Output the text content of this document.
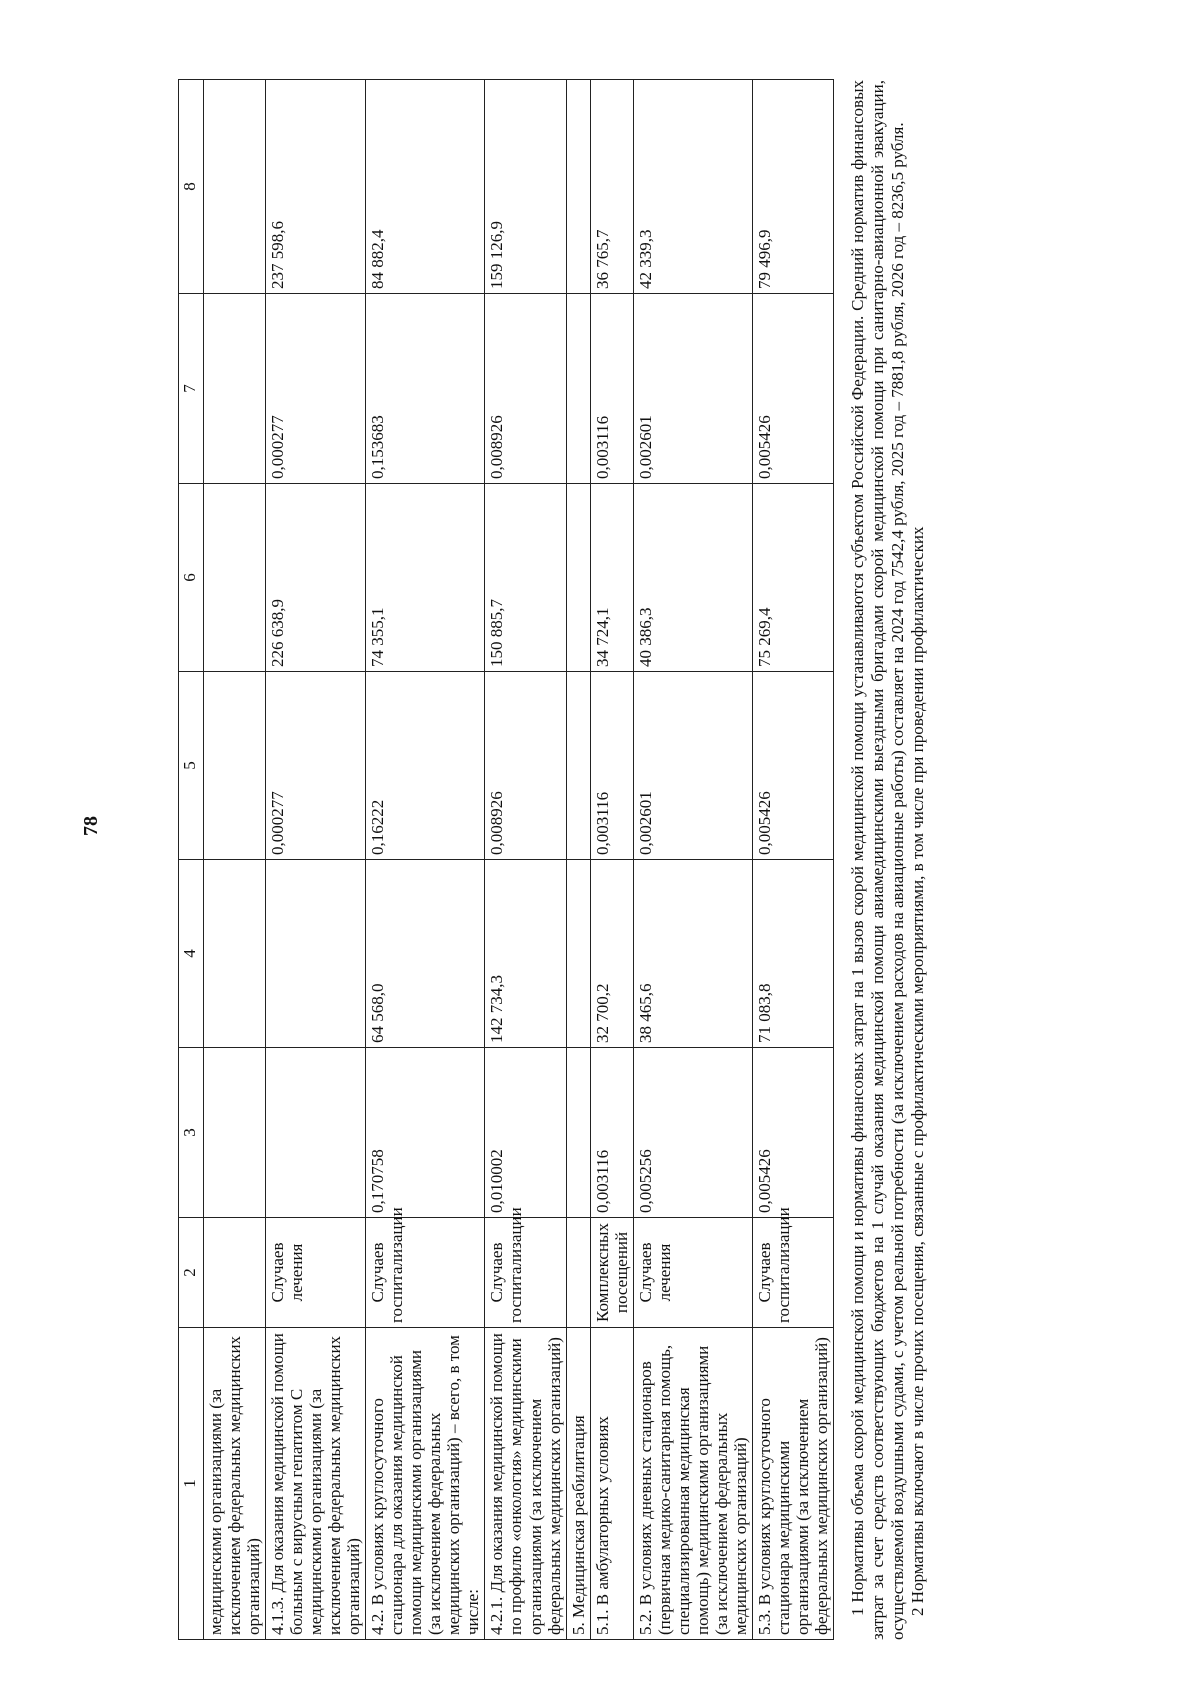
78
1	2	3	4	5	6	7	8
медицинскими организациями (за исключением федеральных медицинских организаций)							
4.1.3. Для оказания медицинской помощи больным с вирусным гепатитом С медицинскими организациями (за исключением федеральных медицинских организаций)	Случаев лечения			0,000277	226 638,9	0,000277	237 598,6
4.2. В условиях круглосуточного стационара для оказания медицинской помощи медицинскими организациями (за исключением федеральных медицинских организаций) – всего, в том числе:	Случаев госпитализации	0,170758	64 568,0	0,16222	74 355,1	0,153683	84 882,4
4.2.1. Для оказания медицинской помощи по профилю «онкология» медицинскими организациями (за исключением федеральных медицинских организаций)	Случаев госпитализации	0,010002	142 734,3	0,008926	150 885,7	0,008926	159 126,9
5. Медицинская реабилитация							
5.1. В амбулаторных условиях	Комплексных посещений	0,003116	32 700,2	0,003116	34 724,1	0,003116	36 765,7
5.2. В условиях дневных стационаров (первичная медико-санитарная помощь, специализированная медицинская помощь) медицинскими организациями (за исключением федеральных медицинских организаций)	Случаев лечения	0,005256	38 465,6	0,002601	40 386,3	0,002601	42 339,3
5.3. В условиях круглосуточного стационара медицинскими организациями (за исключением федеральных медицинских организаций)	Случаев госпитализации	0,005426	71 083,8	0,005426	75 269,4	0,005426	79 496,9	1 Нормативы объема скорой медицинской помощи и нормативы финансовых затрат на 1 вызов скорой медицинской помощи устанавливаются субъектом Российской Федерации. Средний норматив финансовых затрат за счет средств соответствующих бюджетов на 1 случай оказания медицинской помощи авиамедицинскими выездными бригадами скорой медицинской помощи при санитарно-авиационной эвакуации, осуществляемой воздушными судами, с учетом реальной потребности (за исключением расходов на авиационные работы) составляет на 2024 год 7542,4 рубля, 2025 год – 7881,8 рубля, 2026 год – 8236,5 рубля. 2 Нормативы включают в числе прочих посещения, связанные с профилактическими мероприятиями, в том числе при проведении профилактических
